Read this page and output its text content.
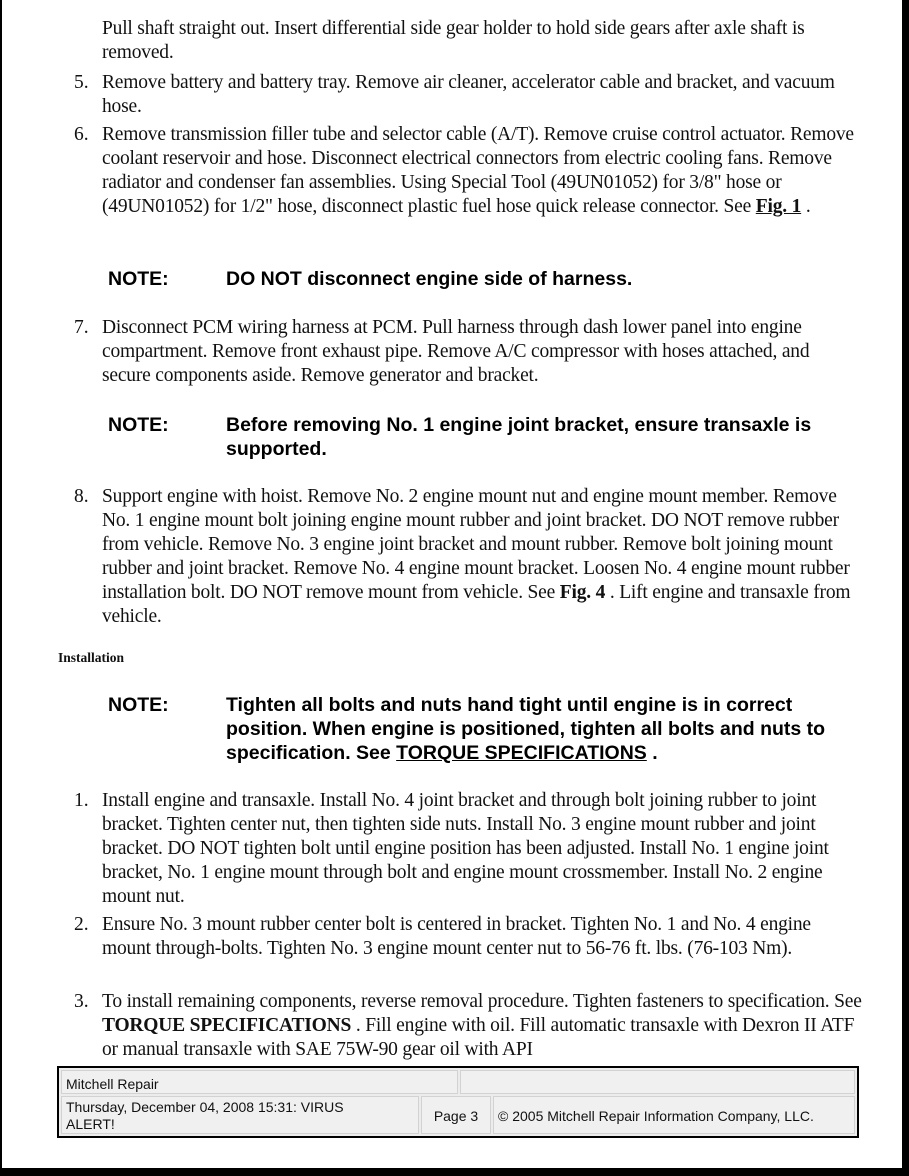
Pull shaft straight out. Insert differential side gear holder to hold side gears after axle shaft is removed.
5. Remove battery and battery tray. Remove air cleaner, accelerator cable and bracket, and vacuum hose.
6. Remove transmission filler tube and selector cable (A/T). Remove cruise control actuator. Remove coolant reservoir and hose. Disconnect electrical connectors from electric cooling fans. Remove radiator and condenser fan assemblies. Using Special Tool (49UN01052) for 3/8" hose or (49UN01052) for 1/2" hose, disconnect plastic fuel hose quick release connector. See Fig. 1 .
NOTE:	DO NOT disconnect engine side of harness.
7. Disconnect PCM wiring harness at PCM. Pull harness through dash lower panel into engine compartment. Remove front exhaust pipe. Remove A/C compressor with hoses attached, and secure components aside. Remove generator and bracket.
NOTE:	Before removing No. 1 engine joint bracket, ensure transaxle is supported.
8. Support engine with hoist. Remove No. 2 engine mount nut and engine mount member. Remove No. 1 engine mount bolt joining engine mount rubber and joint bracket. DO NOT remove rubber from vehicle. Remove No. 3 engine joint bracket and mount rubber. Remove bolt joining mount rubber and joint bracket. Remove No. 4 engine mount bracket. Loosen No. 4 engine mount rubber installation bolt. DO NOT remove mount from vehicle. See Fig. 4 . Lift engine and transaxle from vehicle.
Installation
NOTE:	Tighten all bolts and nuts hand tight until engine is in correct position. When engine is positioned, tighten all bolts and nuts to specification. See TORQUE SPECIFICATIONS .
1. Install engine and transaxle. Install No. 4 joint bracket and through bolt joining rubber to joint bracket. Tighten center nut, then tighten side nuts. Install No. 3 engine mount rubber and joint bracket. DO NOT tighten bolt until engine position has been adjusted. Install No. 1 engine joint bracket, No. 1 engine mount through bolt and engine mount crossmember. Install No. 2 engine mount nut.
2. Ensure No. 3 mount rubber center bolt is centered in bracket. Tighten No. 1 and No. 4 engine mount through-bolts. Tighten No. 3 engine mount center nut to 56-76 ft. lbs. (76-103 Nm).
3. To install remaining components, reverse removal procedure. Tighten fasteners to specification. See TORQUE SPECIFICATIONS . Fill engine with oil. Fill automatic transaxle with Dexron II ATF or manual transaxle with SAE 75W-90 gear oil with API
Mitchell Repair
Thursday, December 04, 2008 15:31: VIRUS
ALERT!	Page 3	© 2005 Mitchell Repair Information Company, LLC.
